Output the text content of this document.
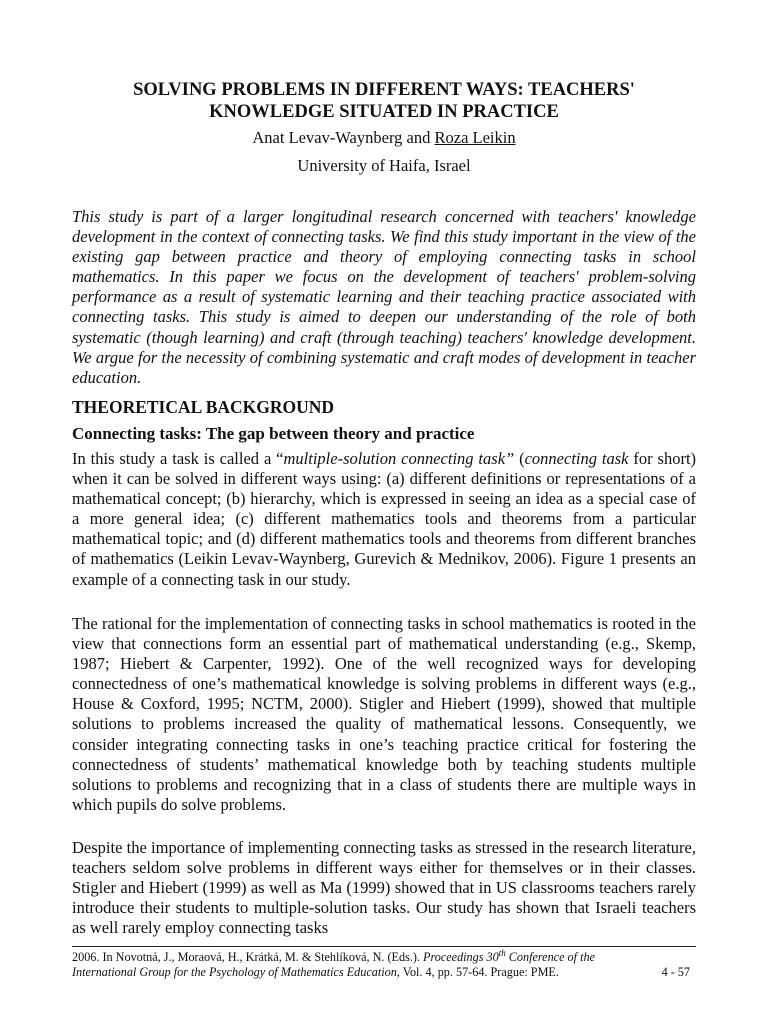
SOLVING PROBLEMS IN DIFFERENT WAYS: TEACHERS'
KNOWLEDGE SITUATED IN PRACTICE
Anat Levav-Waynberg and Roza Leikin
University of Haifa, Israel

This study is part of a larger longitudinal research concerned with teachers' knowledge development in the context of connecting tasks. We find this study important in the view of the existing gap between practice and theory of employing connecting tasks in school mathematics. In this paper we focus on the development of teachers' problem-solving performance as a result of systematic learning and their teaching practice associated with connecting tasks. This study is aimed to deepen our understanding of the role of both systematic (though learning) and craft (through teaching) teachers' knowledge development. We argue for the necessity of combining systematic and craft modes of development in teacher education.

THEORETICAL BACKGROUND
Connecting tasks: The gap between theory and practice

In this study a task is called a “multiple-solution connecting task” (connecting task for short) when it can be solved in different ways using: (a) different definitions or representations of a mathematical concept; (b) hierarchy, which is expressed in seeing an idea as a special case of a more general idea; (c) different mathematics tools and theorems from a particular mathematical topic; and (d) different mathematics tools and theorems from different branches of mathematics (Leikin Levav-Waynberg, Gurevich & Mednikov, 2006). Figure 1 presents an example of a connecting task in our study.

The rational for the implementation of connecting tasks in school mathematics is rooted in the view that connections form an essential part of mathematical understanding (e.g., Skemp, 1987; Hiebert & Carpenter, 1992). One of the well recognized ways for developing connectedness of one’s mathematical knowledge is solving problems in different ways (e.g., House & Coxford, 1995; NCTM, 2000). Stigler and Hiebert (1999), showed that multiple solutions to problems increased the quality of mathematical lessons. Consequently, we consider integrating connecting tasks in one’s teaching practice critical for fostering the connectedness of students’ mathematical knowledge both by teaching students multiple solutions to problems and recognizing that in a class of students there are multiple ways in which pupils do solve problems.

Despite the importance of implementing connecting tasks as stressed in the research literature, teachers seldom solve problems in different ways either for themselves or in their classes. Stigler and Hiebert (1999) as well as Ma (1999) showed that in US classrooms teachers rarely introduce their students to multiple-solution tasks. Our study has shown that Israeli teachers as well rarely employ connecting tasks

2006. In Novotná, J., Moraová, H., Krátká, M. & Stehlíková, N. (Eds.). Proceedings 30th Conference of the
International Group for the Psychology of Mathematics Education, Vol. 4, pp. 57-64. Prague: PME.	4 - 57
